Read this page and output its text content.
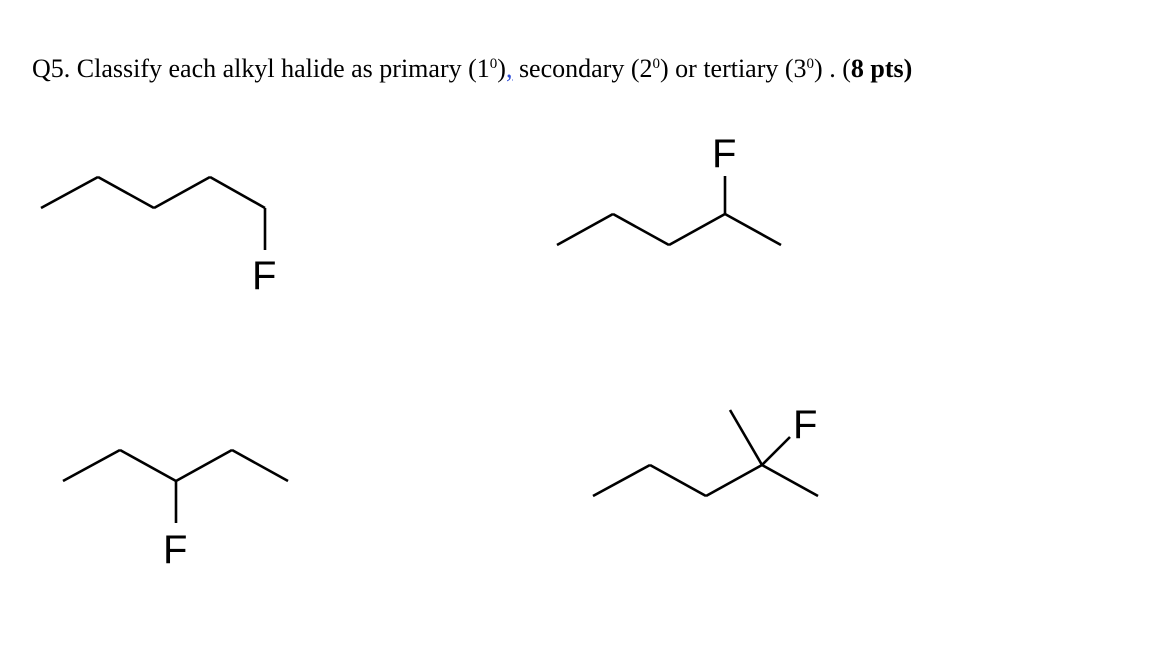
Q5. Classify each alkyl halide as primary $(1^0)$, secondary $(2^0)$ or tertiary $(3^0)$ . (8 pts)
F
F
F
F
